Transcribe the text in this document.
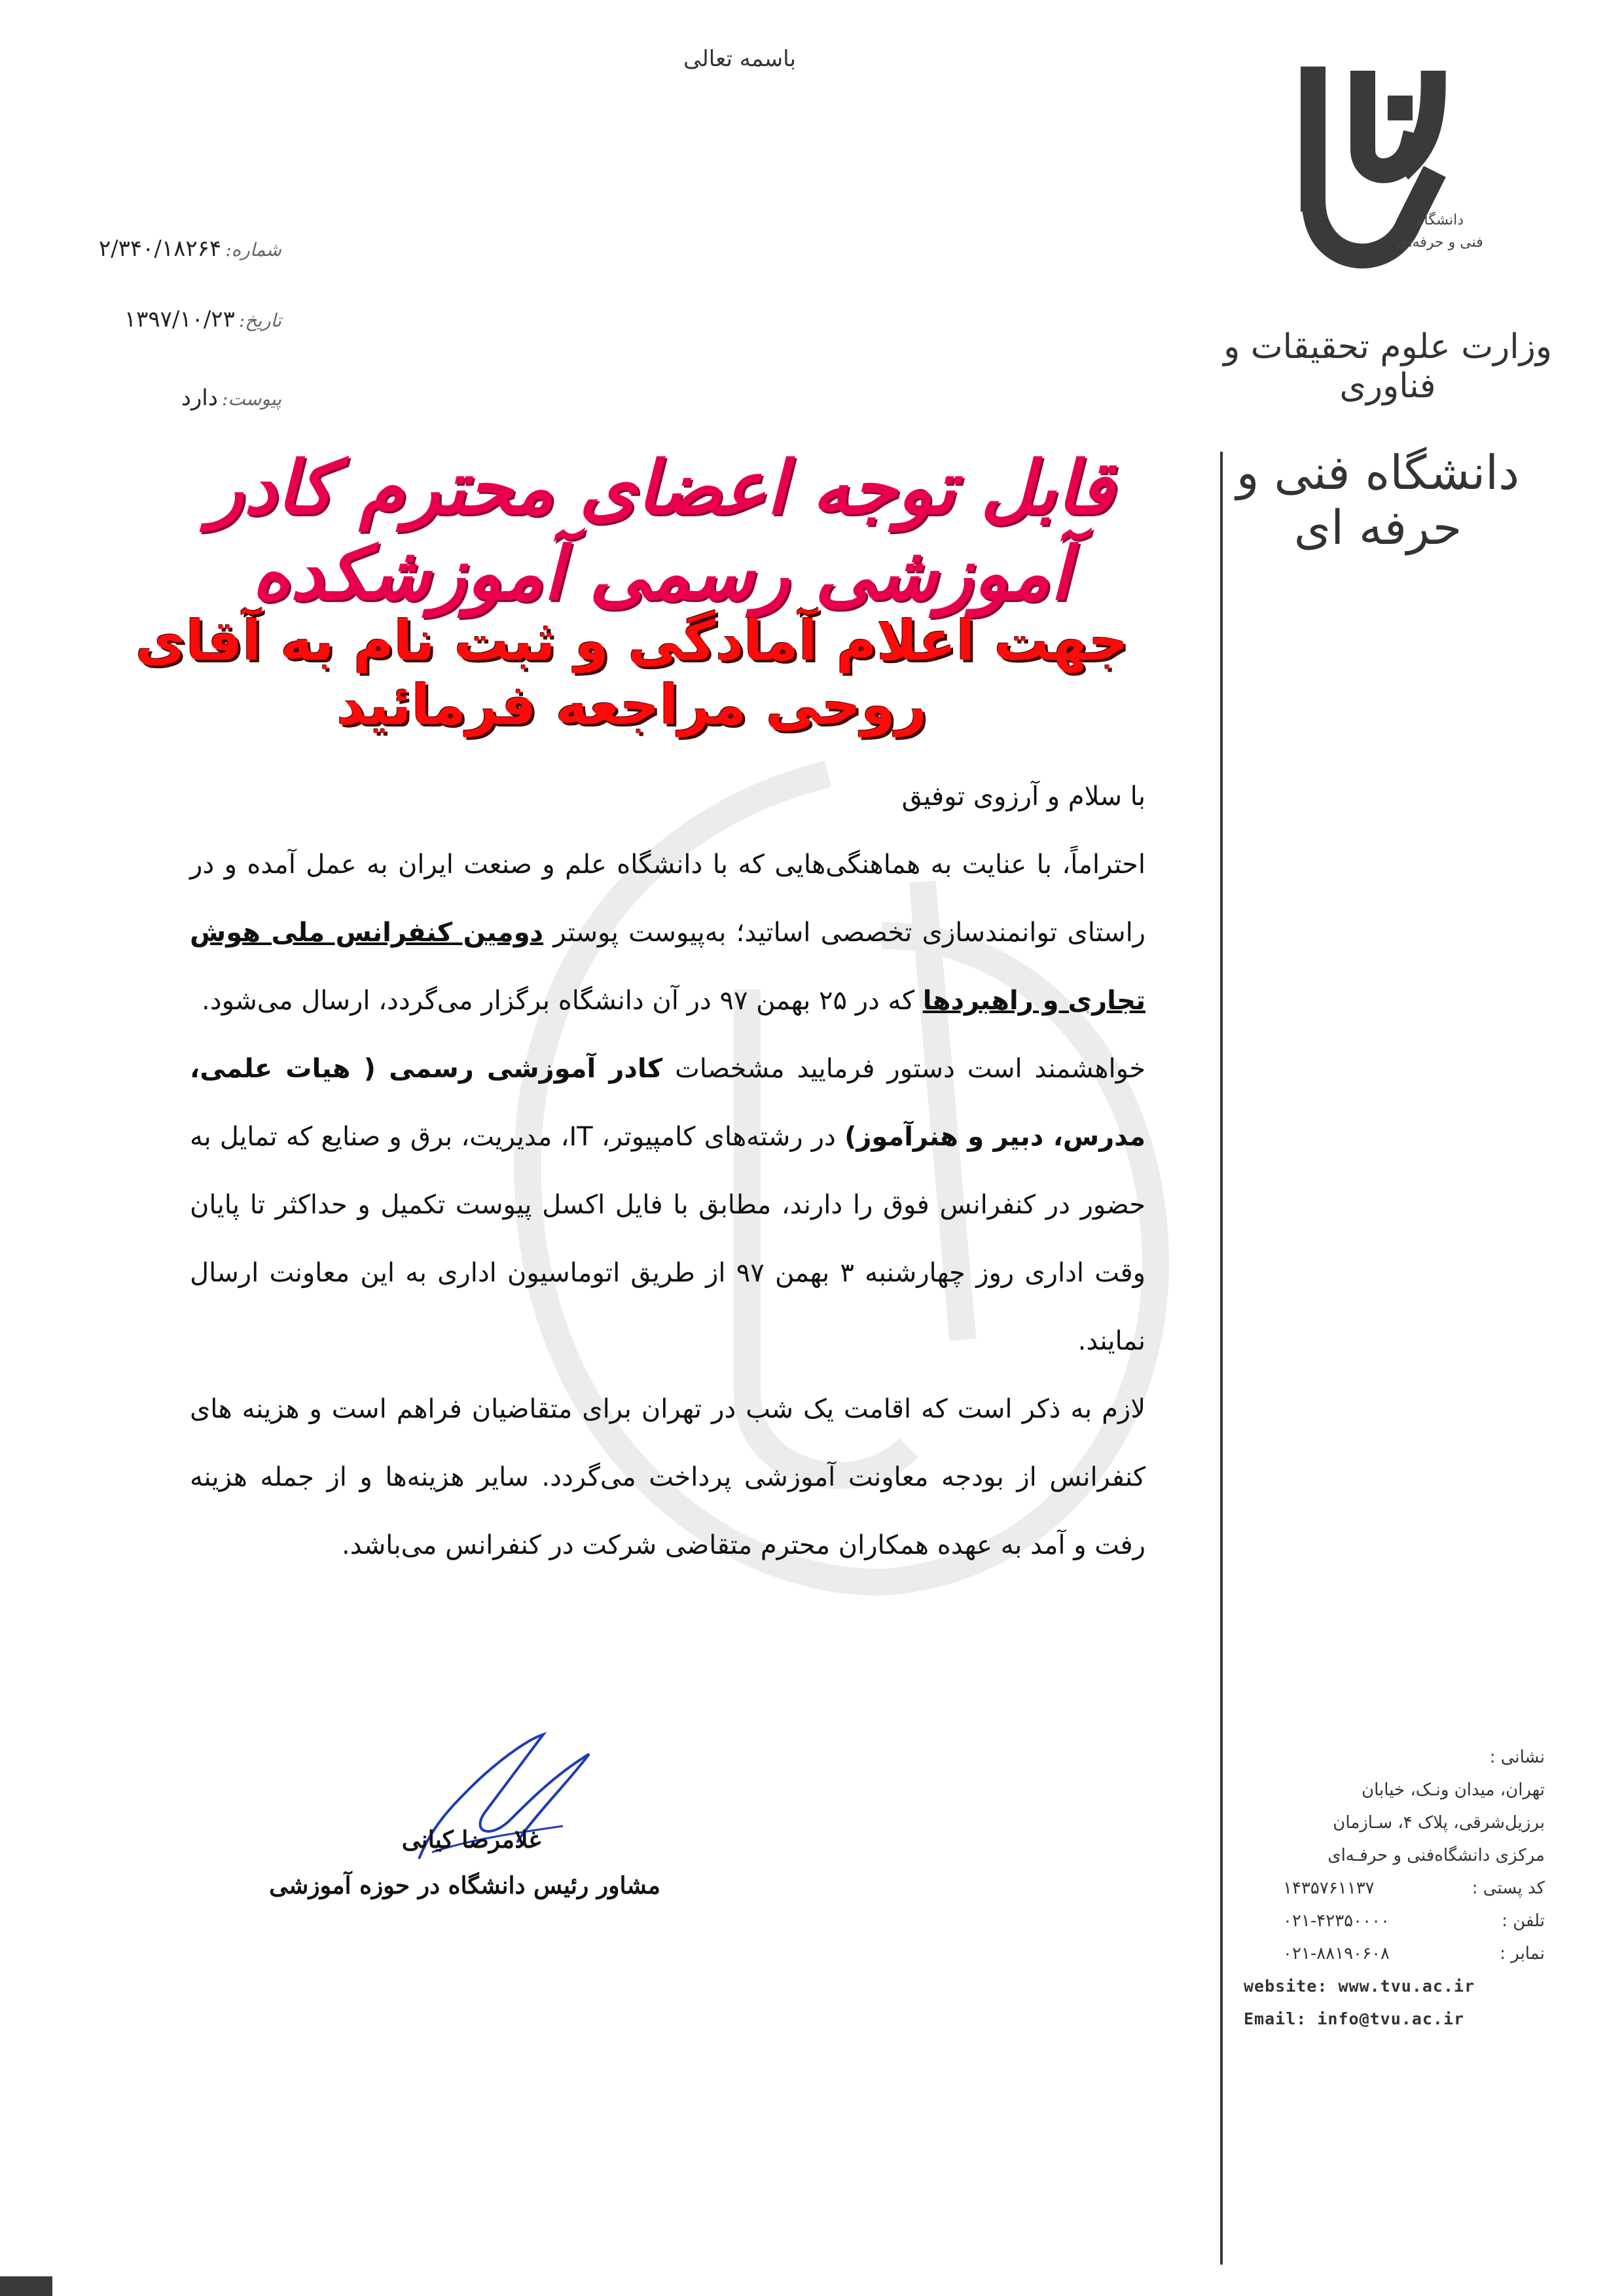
باسمه تعالی
دانشگاه
فنی و حرفه‌ای
وزارت علوم تحقیقات و فناوری
دانشگاه فنی و حرفه ای
شماره:
۲/۳۴۰/۱۸۲۶۴
تاریخ:
۱۳۹۷/۱۰/۲۳
پیوست:
دارد
قابل توجه اعضای محترم کادر آموزشی رسمی آموزشکده
جهت اعلام آمادگی و ثبت نام به آقای روحی مراجعه فرمائید

با سلام و آرزوی توفیق

احتراماً، با عنایت به هماهنگی‌هایی که با دانشگاه علم و صنعت ایران به عمل آمده و در راستای توانمندسازی تخصصی اساتید؛ به‌پیوست پوستر دومین کنفرانس ملی هوش تجاری و راهبردها که در ۲۵ بهمن ۹۷ در آن دانشگاه برگزار می‌گردد، ارسال می‌شود.

خواهشمند است دستور فرمایید مشخصات کادر آموزشی رسمی ( هیات علمی، مدرس، دبیر و هنرآموز) در رشته‌های کامپیوتر، IT، مدیریت، برق و صنایع که تمایل به حضور در کنفرانس فوق را دارند، مطابق با فایل اکسل پیوست تکمیل و حداکثر تا پایان وقت اداری روز چهارشنبه ۳ بهمن ۹۷ از طریق اتوماسیون اداری به این معاونت ارسال نمایند.

لازم به ذکر است که اقامت یک شب در تهران برای متقاضیان فراهم است و هزینه های کنفرانس از بودجه معاونت آموزشی پرداخت می‌گردد. سایر هزینه‌ها و از جمله هزینه رفت و آمد به عهده همکاران محترم متقاضی شرکت در کنفرانس می‌باشد.

غلامرضا کیانی
مشاور رئیس دانشگاه در حوزه آموزشی
نشانی :
تهران، میدان ونـک، خیابان
برزیل‌شرقی، پلاک ۴، سـازمان
مرکزی دانشگاه‌فنی و حرفـه‌ای
کد پستی :
۱۴۳۵۷۶۱۱۳۷
تلفن :
۰۲۱-۴۲۳۵۰۰۰۰
نمابر :
۰۲۱-۸۸۱۹۰۶۰۸
website: www.tvu.ac.ir
Email: info@tvu.ac.ir
